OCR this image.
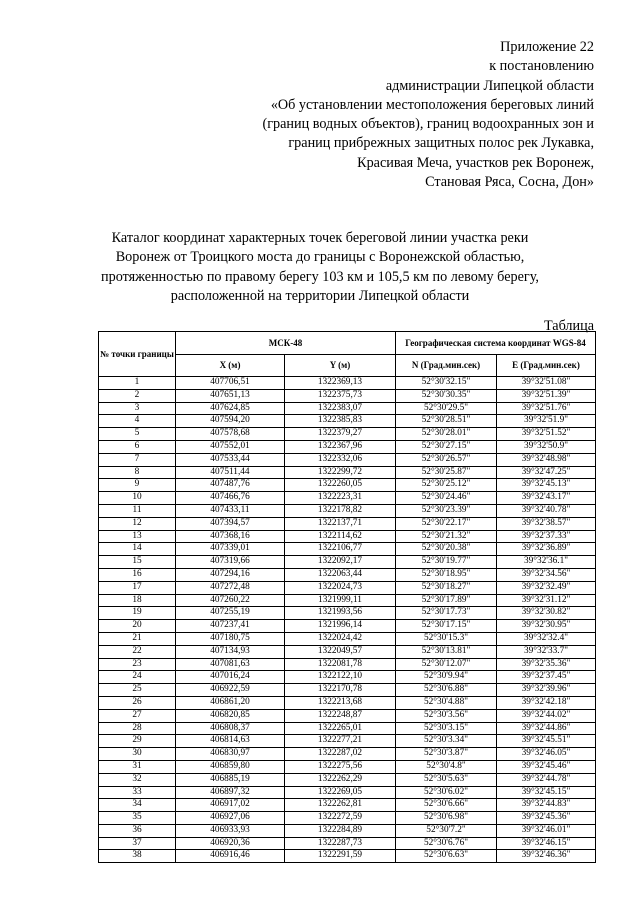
Приложение 22
к постановлению
администрации Липецкой области
«Об установлении местоположения береговых линий
(границ водных объектов), границ водоохранных зон и
границ прибрежных защитных полос рек Лукавка,
Красивая Меча, участков рек Воронеж,
Становая Ряса, Сосна, Дон»
Каталог координат характерных точек береговой линии участка реки
Воронеж от Троицкого моста до границы с Воронежской областью,
протяженностью по правому берегу 103 км и 105,5 км по левому берегу,
расположенной на территории Липецкой области
Таблица
№ точки границы	МСК-48		Географическая система координат WGS-84	
	X (м)	Y (м)	N (Град.мин.сек)	E (Град.мин.сек)
1	407706,51	1322369,13	52°30'32.15"	39°32'51.08"
2	407651,13	1322375,73	52°30'30.35"	39°32'51.39"
3	407624,85	1322383,07	52°30'29.5"	39°32'51.76"
4	407594,20	1322385,83	52°30'28.51"	39°32'51.9"
5	407578,68	1322379,27	52°30'28.01"	39°32'51.52"
6	407552,01	1322367,96	52°30'27.15"	39°32'50.9"
7	407533,44	1322332,06	52°30'26.57"	39°32'48.98"
8	407511,44	1322299,72	52°30'25.87"	39°32'47.25"
9	407487,76	1322260,05	52°30'25.12"	39°32'45.13"
10	407466,76	1322223,31	52°30'24.46"	39°32'43.17"
11	407433,11	1322178,82	52°30'23.39"	39°32'40.78"
12	407394,57	1322137,71	52°30'22.17"	39°32'38.57"
13	407368,16	1322114,62	52°30'21.32"	39°32'37.33"
14	407339,01	1322106,77	52°30'20.38"	39°32'36.89"
15	407319,66	1322092,17	52°30'19.77"	39°32'36.1"
16	407294,16	1322063,44	52°30'18.95"	39°32'34.56"
17	407272,48	1322024,73	52°30'18.27"	39°32'32.49"
18	407260,22	1321999,11	52°30'17.89"	39°32'31.12"
19	407255,19	1321993,56	52°30'17.73"	39°32'30.82"
20	407237,41	1321996,14	52°30'17.15"	39°32'30.95"
21	407180,75	1322024,42	52°30'15.3"	39°32'32.4"
22	407134,93	1322049,57	52°30'13.81"	39°32'33.7"
23	407081,63	1322081,78	52°30'12.07"	39°32'35.36"
24	407016,24	1322122,10	52°30'9.94"	39°32'37.45"
25	406922,59	1322170,78	52°30'6.88"	39°32'39.96"
26	406861,20	1322213,68	52°30'4.88"	39°32'42.18"
27	406820,85	1322248,87	52°30'3.56"	39°32'44.02"
28	406808,37	1322265,01	52°30'3.15"	39°32'44.86"
29	406814,63	1322277,21	52°30'3.34"	39°32'45.51"
30	406830,97	1322287,02	52°30'3.87"	39°32'46.05"
31	406859,80	1322275,56	52°30'4.8"	39°32'45.46"
32	406885,19	1322262,29	52°30'5.63"	39°32'44.78"
33	406897,32	1322269,05	52°30'6.02"	39°32'45.15"
34	406917,02	1322262,81	52°30'6.66"	39°32'44.83"
35	406927,06	1322272,59	52°30'6.98"	39°32'45.36"
36	406933,93	1322284,89	52°30'7.2"	39°32'46.01"
37	406920,36	1322287,73	52°30'6.76"	39°32'46.15"
38	406916,46	1322291,59	52°30'6.63"	39°32'46.36"
